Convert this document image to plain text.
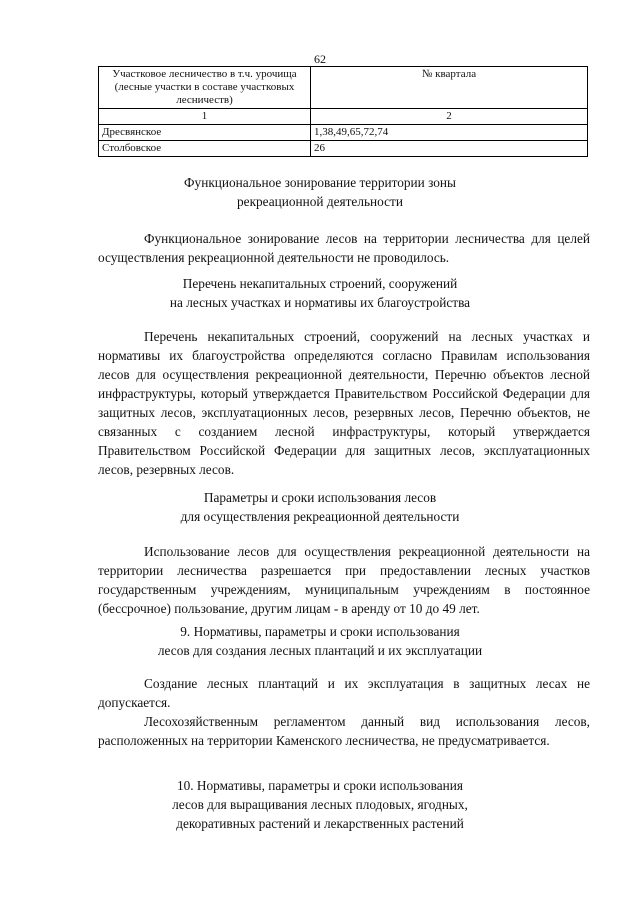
62
Участковое лесничество в т.ч. урочища (лесные участки в составе участковых лесничеств)	№ квартала
1	2
Дресвянское	1,38,49,65,72,74
Столбовское	26
Функциональное зонирование территории зоны
рекреационной деятельности
Функциональное зонирование лесов на территории лесничества для целей осуществления рекреационной деятельности не проводилось.
Перечень некапитальных строений, сооружений
на лесных участках и нормативы их благоустройства
Перечень некапитальных строений, сооружений на лесных участках и нормативы их благоустройства определяются согласно Правилам использования лесов для осуществления рекреационной деятельности, Перечню объектов лесной инфраструктуры, который утверждается Правительством Российской Федерации для защитных лесов, эксплуатационных лесов, резервных лесов, Перечню объектов, не связанных с созданием лесной инфраструктуры, который утверждается Правительством Российской Федерации для защитных лесов, эксплуатационных лесов, резервных лесов.
Параметры и сроки использования лесов
для осуществления рекреационной деятельности
Использование лесов для осуществления рекреационной деятельности на территории лесничества разрешается при предоставлении лесных участков государственным учреждениям, муниципальным учреждениям в постоянное (бессрочное) пользование, другим лицам - в аренду от 10 до 49 лет.
9. Нормативы, параметры и сроки использования
лесов для создания лесных плантаций и их эксплуатации
Создание лесных плантаций и их эксплуатация в защитных лесах не допускается.
Лесохозяйственным регламентом данный вид использования лесов, расположенных на территории Каменского лесничества, не предусматривается.
10. Нормативы, параметры и сроки использования
лесов для выращивания лесных плодовых, ягодных,
декоративных растений и лекарственных растений
